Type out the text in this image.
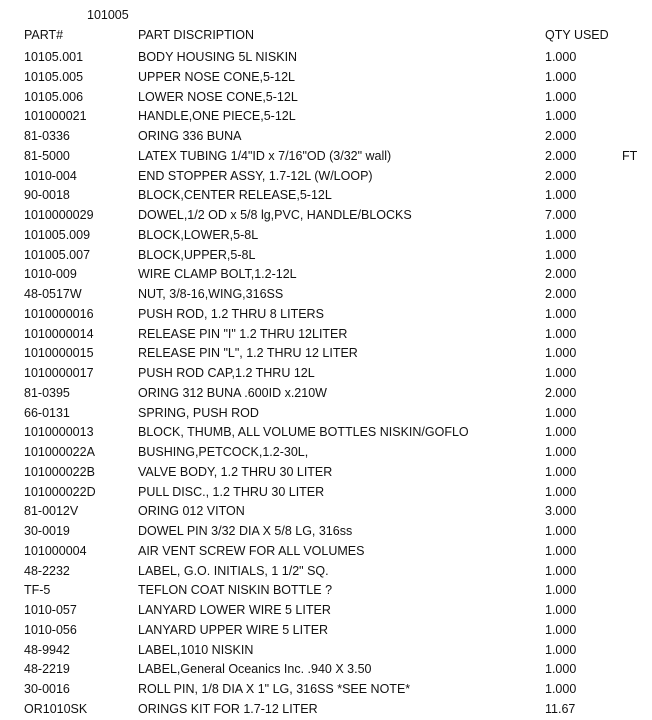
101005
PART#	PART DISCRIPTION	QTY USED
10105.001	BODY HOUSING 5L NISKIN	1.000
10105.005	UPPER NOSE CONE,5-12L	1.000
10105.006	LOWER NOSE CONE,5-12L	1.000
101000021	HANDLE,ONE PIECE,5-12L	1.000
81-0336	ORING 336 BUNA	2.000
81-5000	LATEX TUBING 1/4"ID x 7/16"OD (3/32" wall)	2.000	FT
1010-004	END STOPPER ASSY, 1.7-12L (W/LOOP)	2.000
90-0018	BLOCK,CENTER RELEASE,5-12L	1.000
1010000029	DOWEL,1/2 OD x 5/8 lg,PVC, HANDLE/BLOCKS	7.000
101005.009	BLOCK,LOWER,5-8L	1.000
101005.007	BLOCK,UPPER,5-8L	1.000
1010-009	WIRE CLAMP BOLT,1.2-12L	2.000
48-0517W	NUT, 3/8-16,WING,316SS	2.000
1010000016	PUSH ROD, 1.2 THRU 8 LITERS	1.000
1010000014	RELEASE PIN "I" 1.2 THRU 12LITER	1.000
1010000015	RELEASE PIN "L", 1.2 THRU 12 LITER	1.000
1010000017	PUSH ROD CAP,1.2 THRU 12L	1.000
81-0395	ORING 312 BUNA .600ID x.210W	2.000
66-0131	SPRING, PUSH ROD	1.000
1010000013	BLOCK, THUMB, ALL VOLUME BOTTLES NISKIN/GOFLO	1.000
101000022A	BUSHING,PETCOCK,1.2-30L,	1.000
101000022B	VALVE BODY, 1.2 THRU 30 LITER	1.000
101000022D	PULL DISC., 1.2 THRU 30 LITER	1.000
81-0012V	ORING 012 VITON	3.000
30-0019	DOWEL PIN 3/32 DIA X 5/8 LG, 316ss	1.000
101000004	AIR VENT SCREW FOR ALL VOLUMES	1.000
48-2232	LABEL, G.O. INITIALS, 1 1/2" SQ.	1.000
TF-5	TEFLON COAT NISKIN BOTTLE ?	1.000
1010-057	LANYARD LOWER WIRE 5 LITER	1.000
1010-056	LANYARD UPPER WIRE 5 LITER	1.000
48-9942	LABEL,1010 NISKIN	1.000
48-2219	LABEL,General Oceanics Inc. .940 X 3.50	1.000
30-0016	ROLL PIN, 1/8 DIA X 1" LG, 316SS *SEE NOTE*	1.000
OR1010SK	ORINGS KIT FOR 1.7-12 LITER	11.67
